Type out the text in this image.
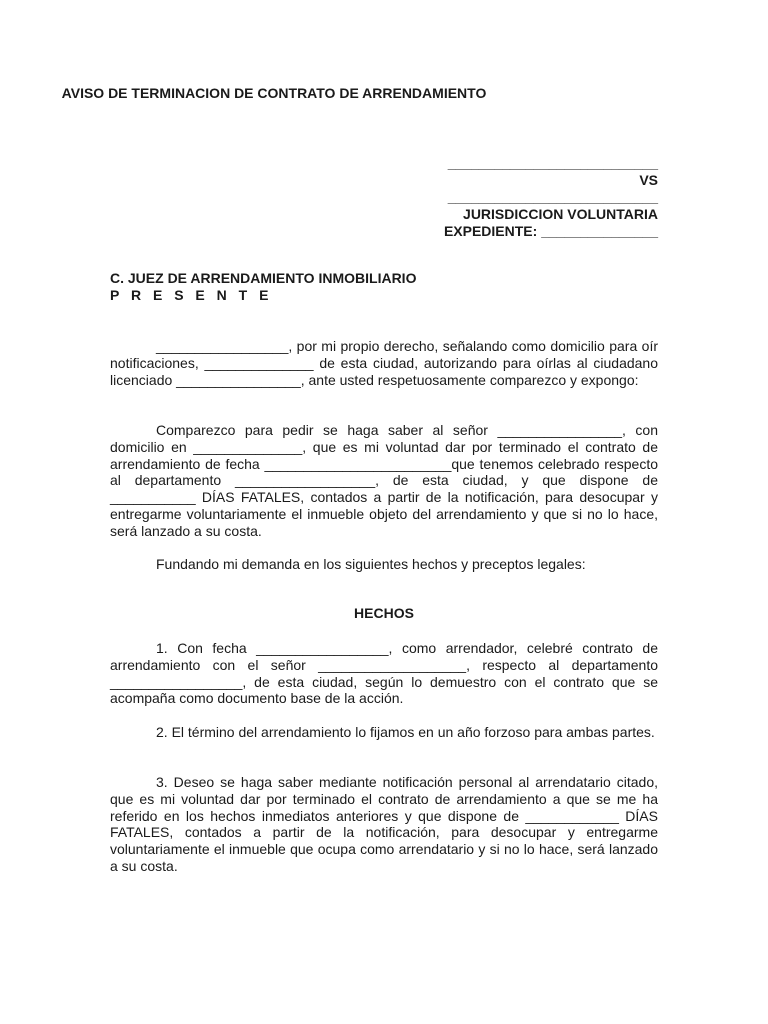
AVISO DE TERMINACION DE CONTRATO DE ARRENDAMIENTO
___________________________
VS
___________________________
JURISDICCION VOLUNTARIA
EXPEDIENTE: _______________
C. JUEZ DE ARRENDAMIENTO INMOBILIARIO
P R E S E N T E

_________________, por mi propio derecho, señalando como domicilio para oír notificaciones, ______________ de esta ciudad, autorizando para oírlas al ciudadano licenciado ________________, ante usted respetuosamente comparezco y expongo:

Comparezco para pedir se haga saber al señor ________________, con domicilio en ______________, que es mi voluntad dar por terminado el contrato de arrendamiento de fecha ________________________que tenemos celebrado respecto al departamento __________________, de esta ciudad, y que dispone de ___________ DÍAS FATALES, contados a partir de la notificación, para desocupar y entregarme voluntariamente el inmueble objeto del arrendamiento y que si no lo hace, será lanzado a su costa.

Fundando mi demanda en los siguientes hechos y preceptos legales:

HECHOS

1. Con fecha _________________, como arrendador, celebré contrato de arrendamiento con el señor ___________________, respecto al departamento _________________, de esta ciudad, según lo demuestro con el contrato que se acompaña como documento base de la acción.

2. El término del arrendamiento lo fijamos en un año forzoso para ambas partes.

3. Deseo se haga saber mediante notificación personal al arrendatario citado, que es mi voluntad dar por terminado el contrato de arrendamiento a que se me ha referido en los hechos inmediatos anteriores y que dispone de ____________ DÍAS FATALES, contados a partir de la notificación, para desocupar y entregarme voluntariamente el inmueble que ocupa como arrendatario y si no lo hace, será lanzado a su costa.
